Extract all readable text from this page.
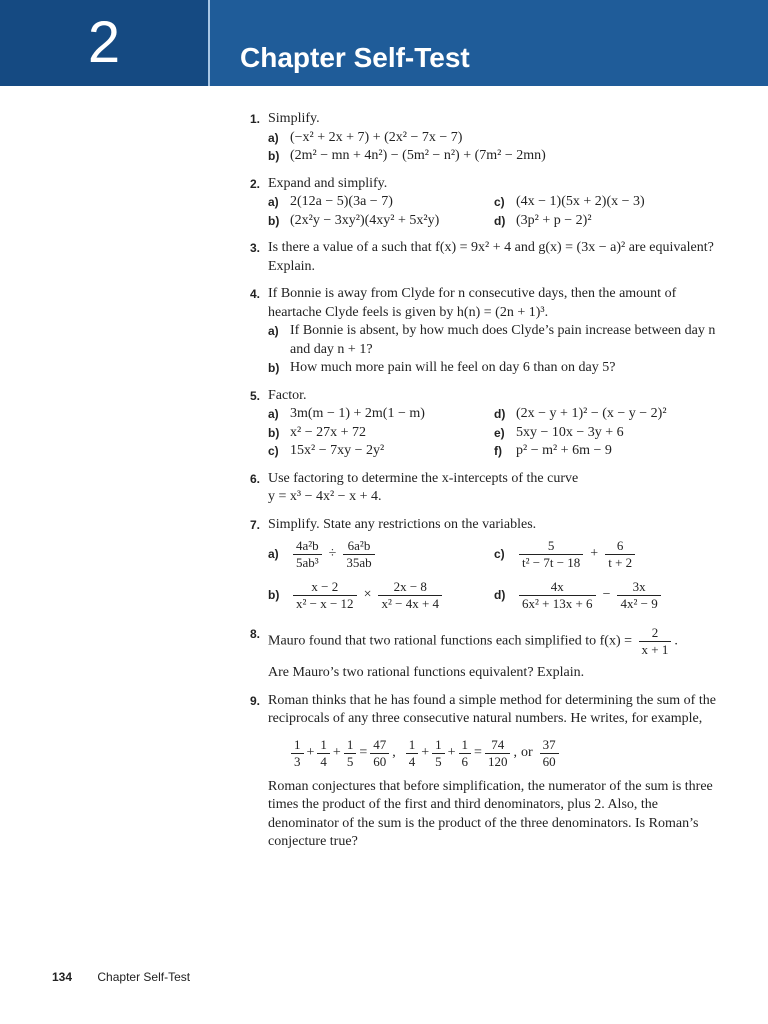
2	Chapter Self-Test
1. Simplify.
a) (−x² + 2x + 7) + (2x² − 7x − 7)
b) (2m² − mn + 4n²) − (5m² − n²) + (7m² − 2mn)
2. Expand and simplify.
a) 2(12a − 5)(3a − 7)	c) (4x − 1)(5x + 2)(x − 3)
b) (2x²y − 3xy²)(4xy² + 5x²y)	d) (3p² + p − 2)²
3. Is there a value of a such that f(x) = 9x² + 4 and g(x) = (3x − a)² are equivalent? Explain.
4. If Bonnie is away from Clyde for n consecutive days, then the amount of heartache Clyde feels is given by h(n) = (2n + 1)³.
a) If Bonnie is absent, by how much does Clyde’s pain increase between day n and day n + 1?
b) How much more pain will he feel on day 6 than on day 5?
5. Factor.
a) 3m(m − 1) + 2m(1 − m)	d) (2x − y + 1)² − (x − y − 2)²
b) x² − 27x + 72	e) 5xy − 10x − 3y + 6
c) 15x² − 7xy − 2y²	f) p² − m² + 6m − 9
6. Use factoring to determine the x-intercepts of the curve
y = x³ − 4x² − x + 4.
7. Simplify. State any restrictions on the variables.
a)	$\frac{\text{4a²b}}{\text{5ab³}} \div \frac{\text{6a²b}}{35ab}$	c)	$\frac{5}{\text{t² − 7t − 18}} + \frac{6}{t + 2}$
b)	$\frac{x - 2}{\text{x² − x − 12}} \times \frac{2x - 8}{\text{x² − 4x + 4}}$	d)	$\frac{4x}{\text{6x² + 13x + 6}} - \frac{3x}{\text{4x² − 9}}$
8. Mauro found that two rational functions each simplified to $f(x) = \frac{2}{x + 1}$ .
Are Mauro’s two rational functions equivalent? Explain.
9. Roman thinks that he has found a simple method for determining the sum of the reciprocals of any three consecutive natural numbers. He writes, for example,
$\frac{1}{3} + \frac{1}{4} + \frac{1}{5} = \frac{47}{60}$ , $\frac{1}{4} + \frac{1}{5} + \frac{1}{6} = \frac{74}{120}$ , or $\frac{37}{60}$
Roman conjectures that before simplification, the numerator of the sum is three times the product of the first and third denominators, plus 2. Also, the denominator of the sum is the product of the three denominators. Is Roman’s conjecture true?
134 Chapter Self-Test
